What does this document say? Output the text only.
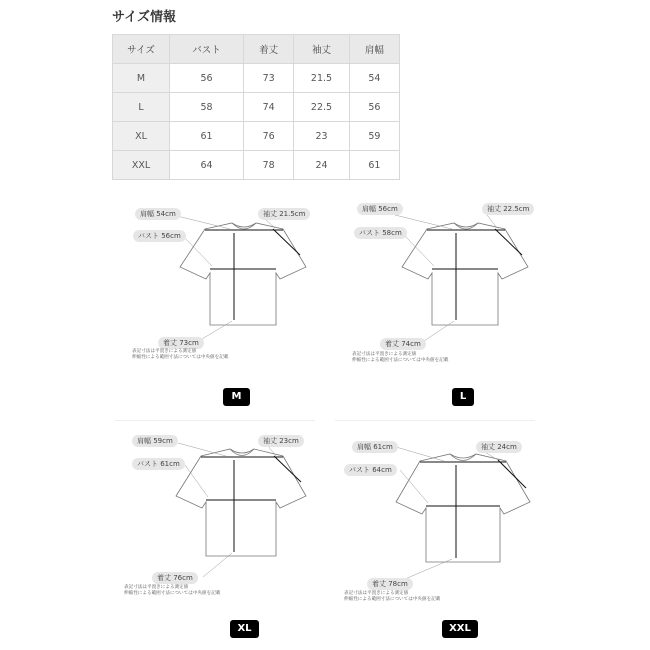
サイズ情報
サイズ	バスト	着丈	袖丈	肩幅
M	56	73	21.5	54
L	58	74	22.5	56
XL	61	76	23	59
XXL	64	78	24	61
肩幅 54cm	袖丈 21.5cm
バスト 56cm
着丈 73cm
表記寸法は平置きによる測定値
伸縮性による範囲寸法については中央値を記載
M
肩幅 56cm	袖丈 22.5cm
バスト 58cm
着丈 74cm
表記寸法は平置きによる測定値
伸縮性による範囲寸法については中央値を記載
L
肩幅 59cm	袖丈 23cm
バスト 61cm
着丈 76cm
表記寸法は平置きによる測定値
伸縮性による範囲寸法については中央値を記載
XL
肩幅 61cm	袖丈 24cm
バスト 64cm
着丈 78cm
表記寸法は平置きによる測定値
伸縮性による範囲寸法については中央値を記載
XXL
